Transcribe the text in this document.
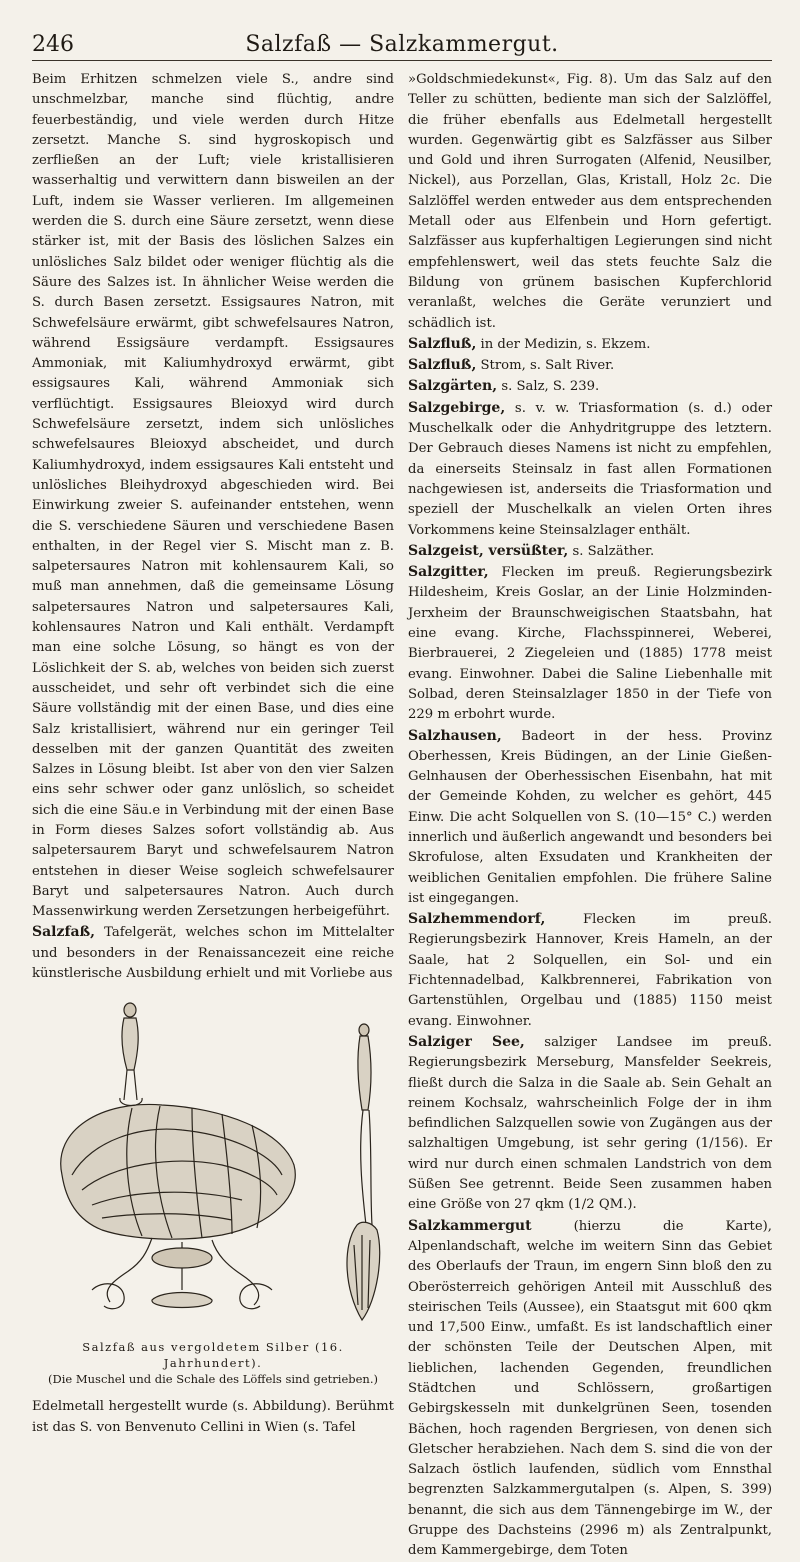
246	Salzfaß — Salzkammergut.

Beim Erhitzen schmelzen viele S., andre sind unschmelzbar, manche sind flüchtig, andre feuerbeständig, und viele werden durch Hitze zersetzt. Manche S. sind hygroskopisch und zerfließen an der Luft; viele kristallisieren wasserhaltig und verwittern dann bisweilen an der Luft, indem sie Wasser verlieren. Im allgemeinen werden die S. durch eine Säure zersetzt, wenn diese stärker ist, mit der Basis des löslichen Salzes ein unlösliches Salz bildet oder weniger flüchtig als die Säure des Salzes ist. In ähnlicher Weise werden die S. durch Basen zersetzt. Essigsaures Natron, mit Schwefelsäure erwärmt, gibt schwefelsaures Natron, während Essigsäure verdampft. Essigsaures Ammoniak, mit Kaliumhydroxyd erwärmt, gibt essigsaures Kali, während Ammoniak sich verflüchtigt. Essigsaures Bleioxyd wird durch Schwefelsäure zersetzt, indem sich unlösliches schwefelsaures Bleioxyd abscheidet, und durch Kaliumhydroxyd, indem essigsaures Kali entsteht und unlösliches Bleihydroxyd abgeschieden wird. Bei Einwirkung zweier S. aufeinander entstehen, wenn die S. verschiedene Säuren und verschiedene Basen enthalten, in der Regel vier S. Mischt man z. B. salpetersaures Natron mit kohlensaurem Kali, so muß man annehmen, daß die gemeinsame Lösung salpetersaures Natron und salpetersaures Kali, kohlensaures Natron und Kali enthält. Verdampft man eine solche Lösung, so hängt es von der Löslichkeit der S. ab, welches von beiden sich zuerst ausscheidet, und sehr oft verbindet sich die eine Säure vollständig mit der einen Base, und dies eine Salz kristallisiert, während nur ein geringer Teil desselben mit der ganzen Quantität des zweiten Salzes in Lösung bleibt. Ist aber von den vier Salzen eins sehr schwer oder ganz unlöslich, so scheidet sich die eine Säu.e in Verbindung mit der einen Base in Form dieses Salzes sofort vollständig ab. Aus salpetersaurem Baryt und schwefelsaurem Natron entstehen in dieser Weise sogleich schwefelsaurer Baryt und salpetersaures Natron. Auch durch Massenwirkung werden Zersetzungen herbeigeführt.

Salzfaß, Tafelgerät, welches schon im Mittelalter und besonders in der Renaissancezeit eine reiche künstlerische Ausbildung erhielt und mit Vorliebe aus

Salzfaß aus vergoldetem Silber (16. Jahrhundert).
(Die Muschel und die Schale des Löffels sind getrieben.)

Edelmetall hergestellt wurde (s. Abbildung). Berühmt ist das S. von Benvenuto Cellini in Wien (s. Tafel

»Goldschmiedekunst«, Fig. 8). Um das Salz auf den Teller zu schütten, bediente man sich der Salzlöffel, die früher ebenfalls aus Edelmetall hergestellt wurden. Gegenwärtig gibt es Salzfässer aus Silber und Gold und ihren Surrogaten (Alfenid, Neusilber, Nickel), aus Porzellan, Glas, Kristall, Holz 2c. Die Salzlöffel werden entweder aus dem entsprechenden Metall oder aus Elfenbein und Horn gefertigt. Salzfässer aus kupferhaltigen Legierungen sind nicht empfehlenswert, weil das stets feuchte Salz die Bildung von grünem basischen Kupferchlorid veranlaßt, welches die Geräte verunziert und schädlich ist.

Salzfluß, in der Medizin, s. Ekzem.

Salzfluß, Strom, s. Salt River.

Salzgärten, s. Salz, S. 239.

Salzgebirge, s. v. w. Triasformation (s. d.) oder Muschelkalk oder die Anhydritgruppe des letztern. Der Gebrauch dieses Namens ist nicht zu empfehlen, da einerseits Steinsalz in fast allen Formationen nachgewiesen ist, anderseits die Triasformation und speziell der Muschelkalk an vielen Orten ihres Vorkommens keine Steinsalzlager enthält.

Salzgeist, versüßter, s. Salzäther.

Salzgitter, Flecken im preuß. Regierungsbezirk Hildesheim, Kreis Goslar, an der Linie Holzminden-Jerxheim der Braunschweigischen Staatsbahn, hat eine evang. Kirche, Flachsspinnerei, Weberei, Bierbrauerei, 2 Ziegeleien und (1885) 1778 meist evang. Einwohner. Dabei die Saline Liebenhalle mit Solbad, deren Steinsalzlager 1850 in der Tiefe von 229 m erbohrt wurde.

Salzhausen, Badeort in der hess. Provinz Oberhessen, Kreis Büdingen, an der Linie Gießen-Gelnhausen der Oberhessischen Eisenbahn, hat mit der Gemeinde Kohden, zu welcher es gehört, 445 Einw. Die acht Solquellen von S. (10—15° C.) werden innerlich und äußerlich angewandt und besonders bei Skrofulose, alten Exsudaten und Krankheiten der weiblichen Genitalien empfohlen. Die frühere Saline ist eingegangen.

Salzhemmendorf, Flecken im preuß. Regierungsbezirk Hannover, Kreis Hameln, an der Saale, hat 2 Solquellen, ein Sol- und ein Fichtennadelbad, Kalkbrennerei, Fabrikation von Gartenstühlen, Orgelbau und (1885) 1150 meist evang. Einwohner.

Salziger See, salziger Landsee im preuß. Regierungsbezirk Merseburg, Mansfelder Seekreis, fließt durch die Salza in die Saale ab. Sein Gehalt an reinem Kochsalz, wahrscheinlich Folge der in ihm befindlichen Salzquellen sowie von Zugängen aus der salzhaltigen Umgebung, ist sehr gering (1/156). Er wird nur durch einen schmalen Landstrich von dem Süßen See getrennt. Beide Seen zusammen haben eine Größe von 27 qkm (1/2 QM.).

Salzkammergut (hierzu die Karte), Alpenlandschaft, welche im weitern Sinn das Gebiet des Oberlaufs der Traun, im engern Sinn bloß den zu Oberösterreich gehörigen Anteil mit Ausschluß des steirischen Teils (Aussee), ein Staatsgut mit 600 qkm und 17,500 Einw., umfaßt. Es ist landschaftlich einer der schönsten Teile der Deutschen Alpen, mit lieblichen, lachenden Gegenden, freundlichen Städtchen und Schlössern, großartigen Gebirgskesseln mit dunkelgrünen Seen, tosenden Bächen, hoch ragenden Bergriesen, von denen sich Gletscher herabziehen. Nach dem S. sind die von der Salzach östlich laufenden, südlich vom Ennsthal begrenzten Salzkammergutalpen (s. Alpen, S. 399) benannt, die sich aus dem Tännengebirge im W., der Gruppe des Dachsteins (2996 m) als Zentralpunkt, dem Kammergebirge, dem Toten
